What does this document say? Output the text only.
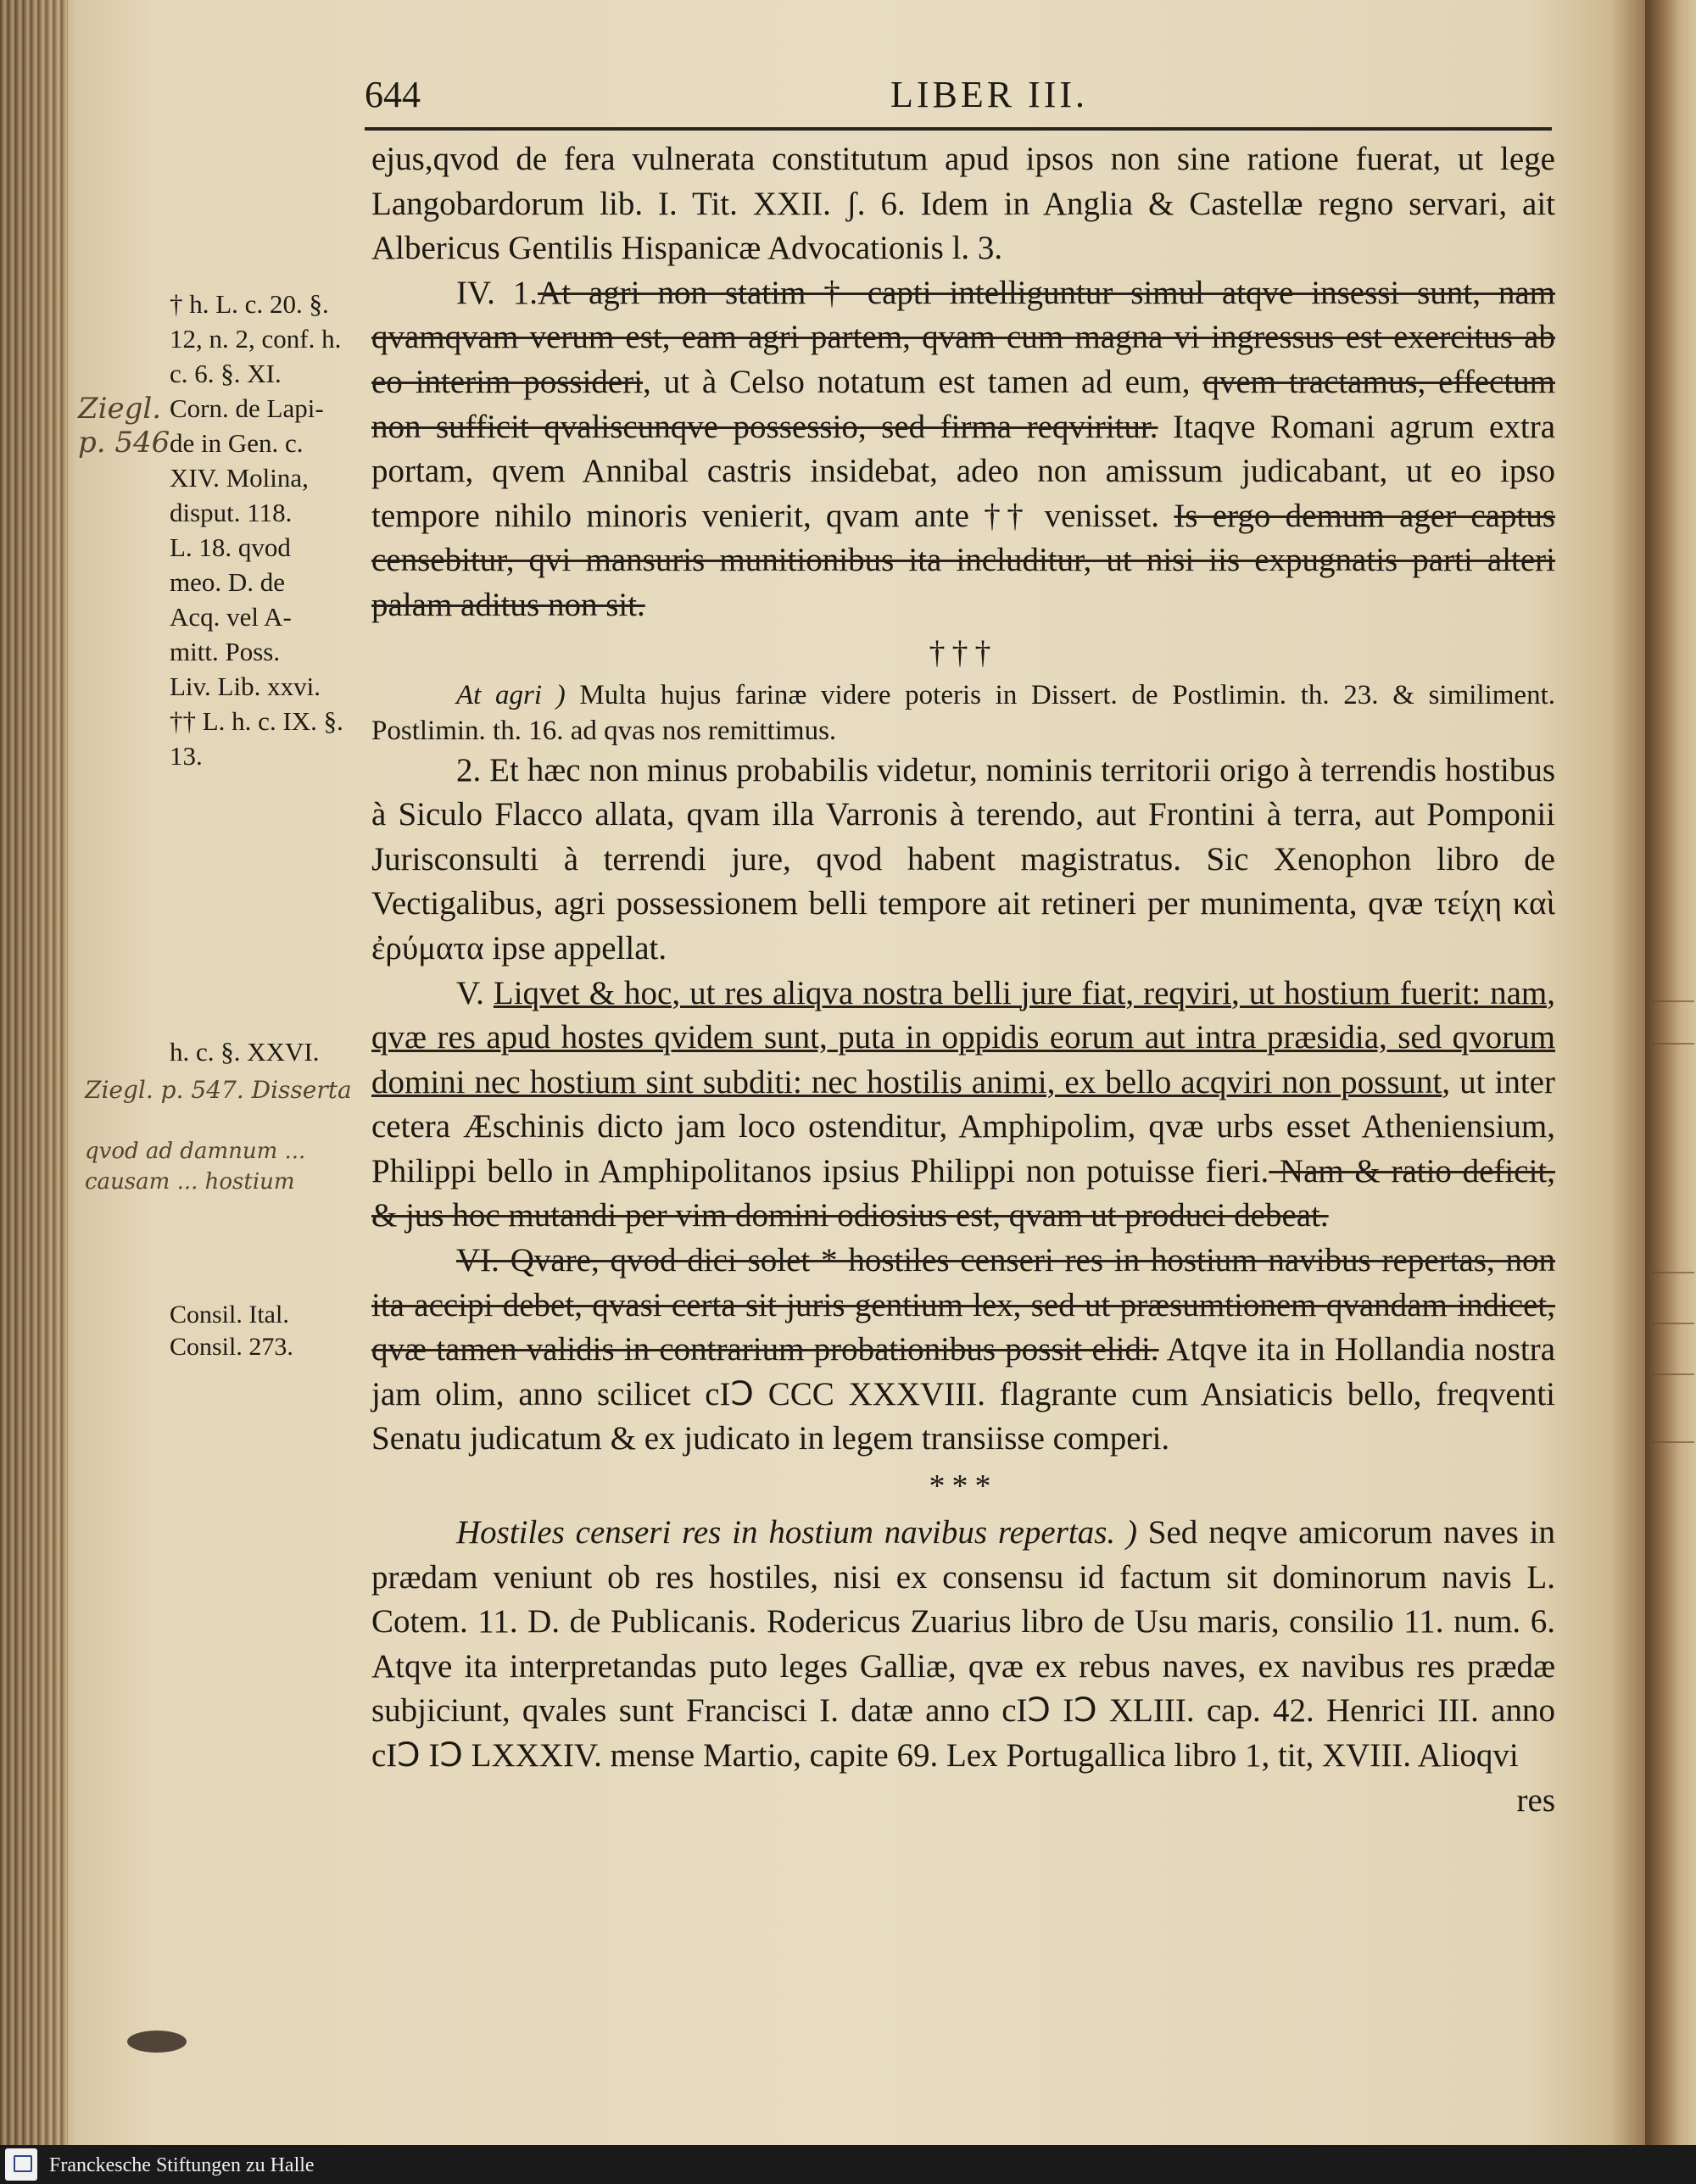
644	LIBER III.
† h. L. c. 20. §.
12, n. 2, conf. h.
c. 6. §. XI.
Corn. de Lapi-
de in Gen. c.
XIV. Molina,
disput. 118.
L. 18. qvod
meo. D. de
Acq. vel A-
mitt. Poss.
Liv. Lib. xxvi.
†† L. h. c. IX. §.
13.
h. c. §. XXVI.
Consil. Ital.
Consil. 273.
Ziegl. p. 546
Ziegl. p. 547. Disserta
qvod ad damnum ... causam ... hostium

ejus,qvod de fera vulnerata constitutum apud ipsos non sine ratione fuerat, ut lege Langobardorum lib. I. Tit. XXII. ʃ. 6. Idem in Anglia & Castellæ regno servari, ait Albericus Gentilis Hispanicæ Advocationis l. 3.

IV. 1.At agri non statim † capti intelliguntur simul atqve insessi sunt, nam qvamqvam verum est, eam agri partem, qvam cum magna vi ingressus est exercitus ab eo interim possideri, ut à Celso notatum est tamen ad eum, qvem tractamus, effectum non sufficit qvaliscunqve possessio, sed firma reqviritur. Itaqve Romani agrum extra portam, qvem Annibal castris insidebat, adeo non amissum judicabant, ut eo ipso tempore nihilo minoris venierit, qvam ante †† venisset. Is ergo demum ager captus censebitur, qvi mansuris munitionibus ita includitur, ut nisi iis expugnatis parti alteri palam aditus non sit.

†††

At agri ) Multa hujus farinæ videre poteris in Dissert. de Postlimin. th. 23. & similiment. Postlimin. th. 16. ad qvas nos remittimus.

2. Et hæc non minus probabilis videtur, nominis territorii origo à terrendis hostibus à Siculo Flacco allata, qvam illa Varronis à terendo, aut Frontini à terra, aut Pomponii Jurisconsulti à terrendi jure, qvod habent magistratus. Sic Xenophon libro de Vectigalibus, agri possessionem belli tempore ait retineri per munimenta, qvæ τείχη καὶ ἐρύματα ipse appellat.

V. Liqvet & hoc, ut res aliqva nostra belli jure fiat, reqviri, ut hostium fuerit: nam, qvæ res apud hostes qvidem sunt, puta in oppidis eorum aut intra præsidia, sed qvorum domini nec hostium sint subditi: nec hostilis animi, ex bello acqviri non possunt, ut inter cetera Æschinis dicto jam loco ostenditur, Amphipolim, qvæ urbs esset Atheniensium, Philippi bello in Amphipolitanos ipsius Philippi non potuisse fieri. Nam & ratio deficit, & jus hoc mutandi per vim domini odiosius est, qvam ut produci debeat.

VI. Qvare, qvod dici solet * hostiles censeri res in hostium navibus repertas, non ita accipi debet, qvasi certa sit juris gentium lex, sed ut præsumtionem qvandam indicet, qvæ tamen validis in contrarium probationibus possit elidi. Atqve ita in Hollandia nostra jam olim, anno scilicet cIↃ CCC XXXVIII. flagrante cum Ansiaticis bello, freqventi Senatu judicatum & ex judicato in legem transiisse comperi.

***

Hostiles censeri res in hostium navibus repertas. ) Sed neqve amicorum naves in prædam veniunt ob res hostiles, nisi ex consensu id factum sit dominorum navis L. Cotem. 11. D. de Publicanis. Rodericus Zuarius libro de Usu maris, consilio 11. num. 6. Atqve ita interpretandas puto leges Galliæ, qvæ ex rebus naves, ex navibus res prædæ subjiciunt, qvales sunt Francisci I. datæ anno cIↃ IↃ XLIII. cap. 42. Henrici III. anno cIↃ IↃ LXXXIV. mense Martio, capite 69. Lex Portugallica libro 1, tit, XVIII. Alioqvi

res

Franckesche Stiftungen zu Halle
